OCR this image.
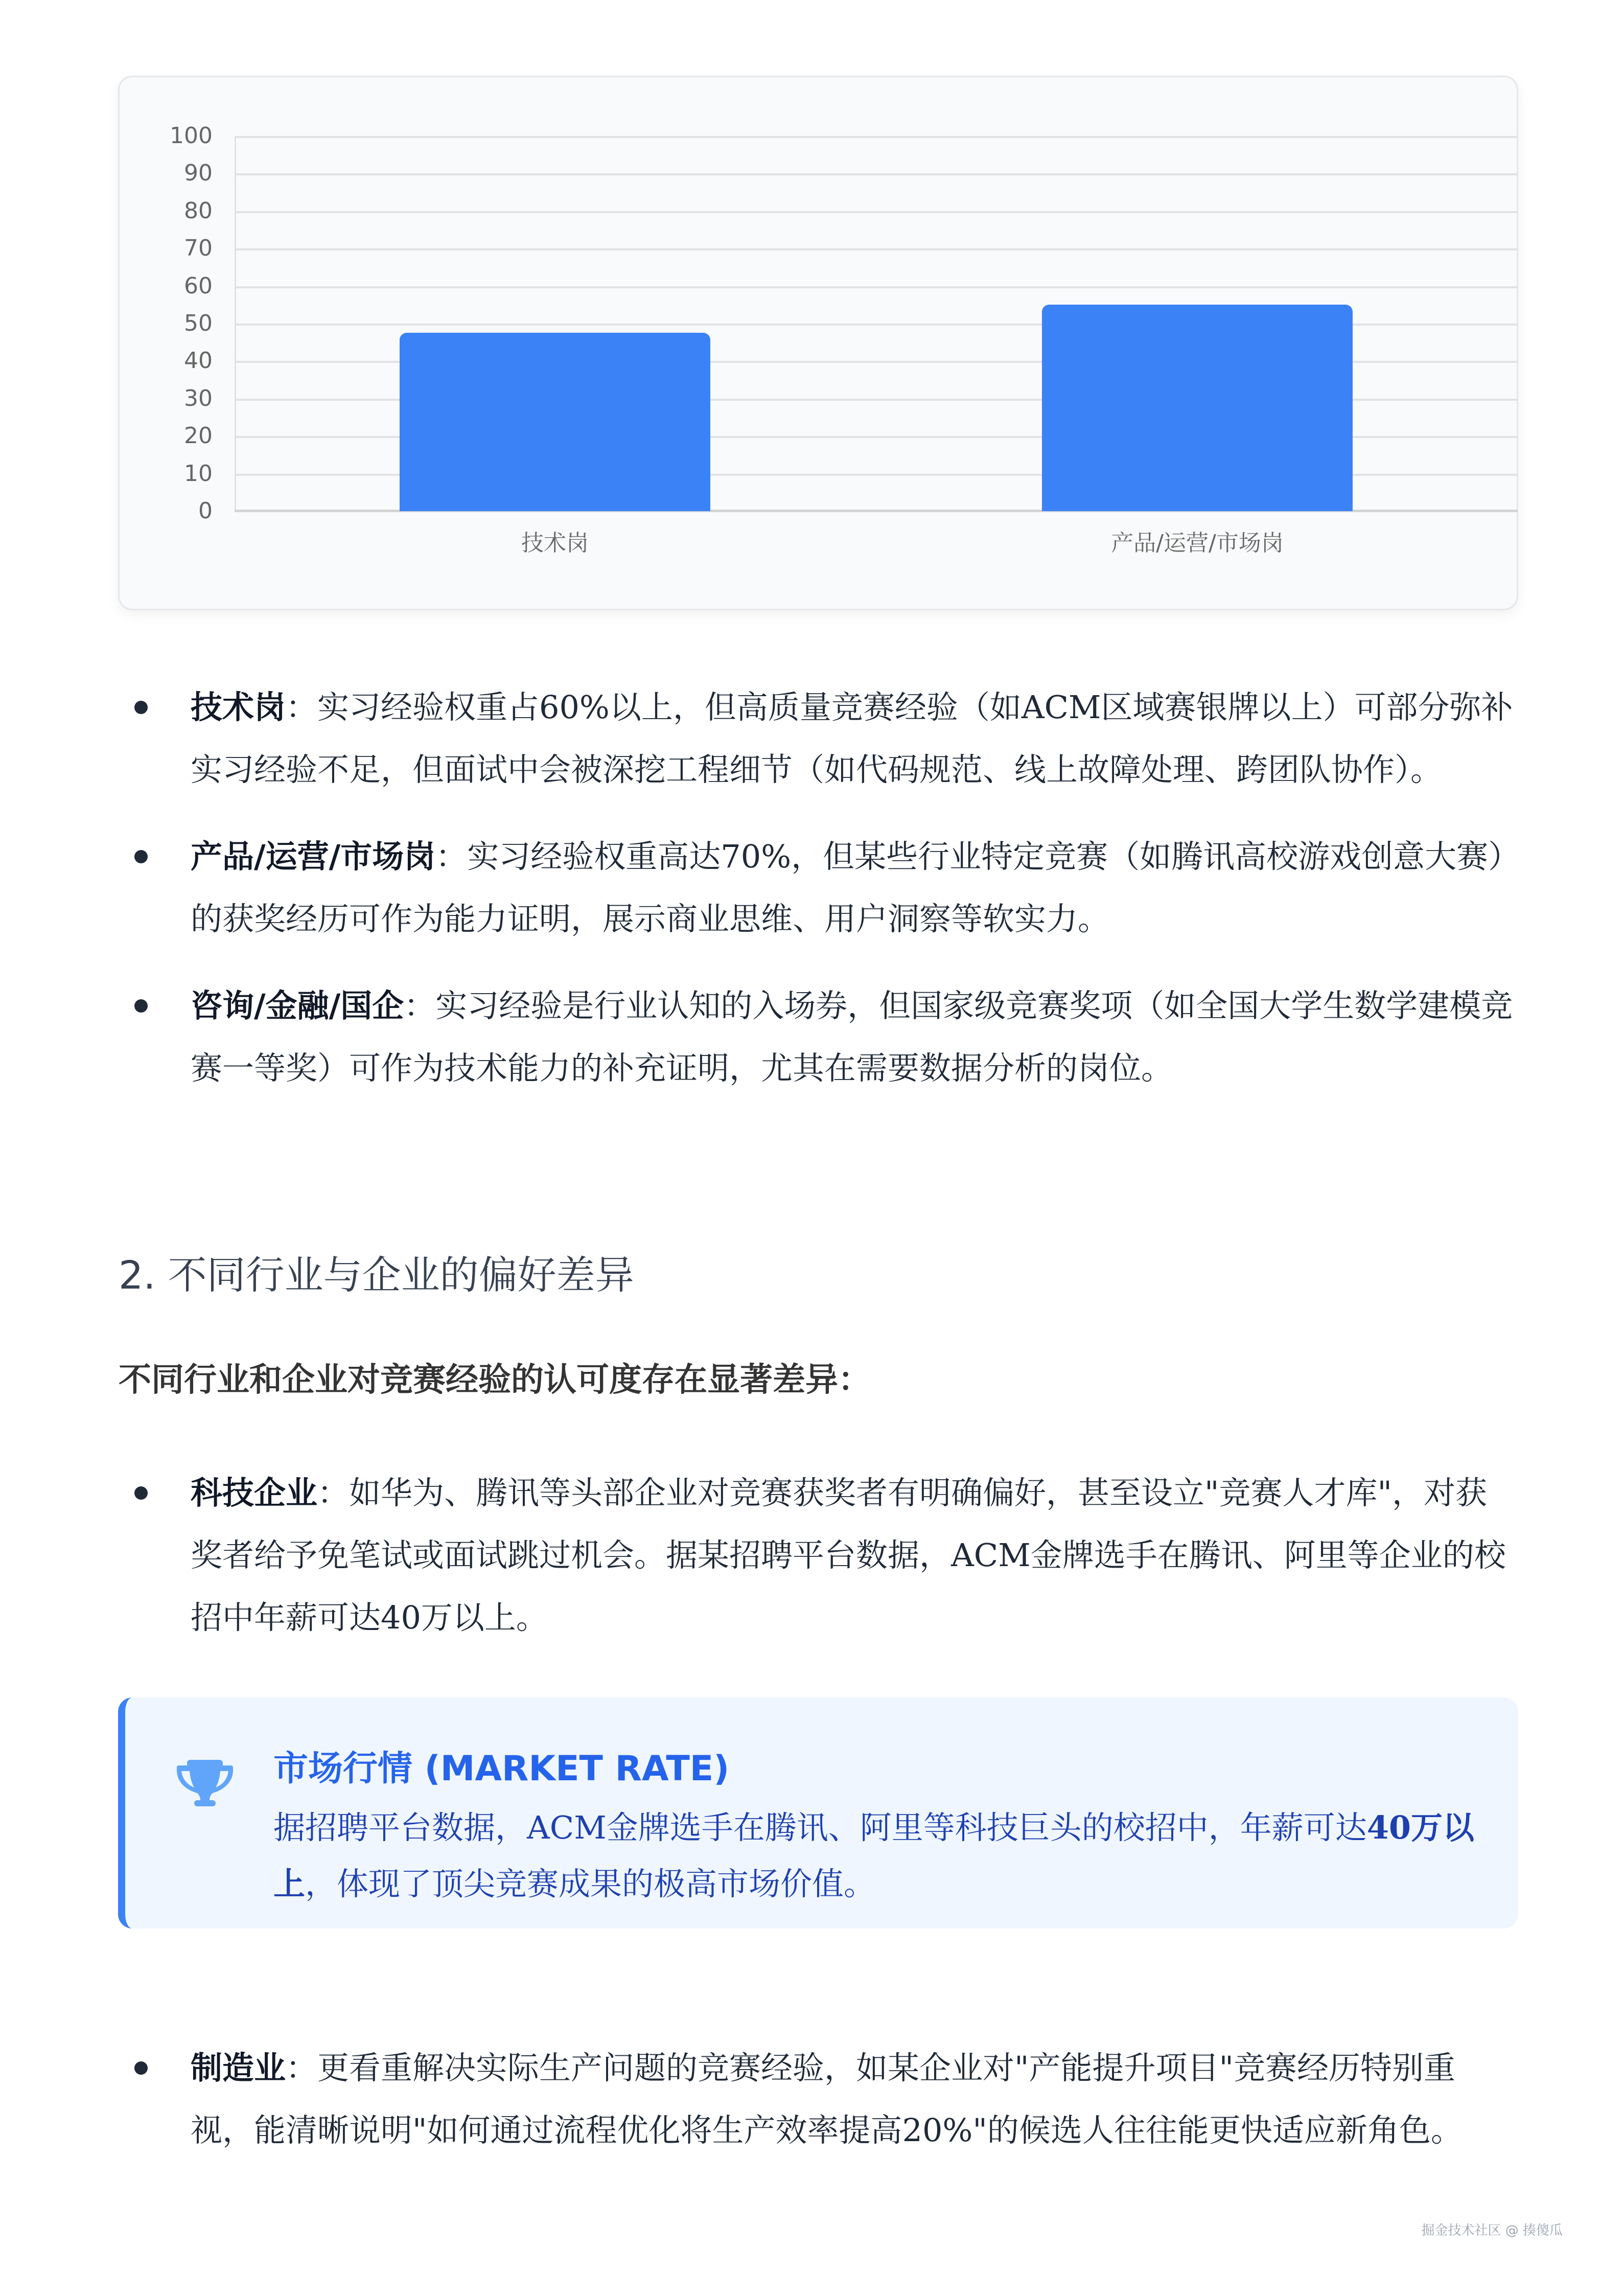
100
90
80
70
60
50
40
30
20
10
0
技术岗	产品/运营/市场岗
技术岗：实习经验权重占60%以上，但高质量竞赛经验（如ACM区域赛银牌以上）可部分弥补实习经验不足，但面试中会被深挖工程细节（如代码规范、线上故障处理、跨团队协作）。
产品/运营/市场岗：实习经验权重高达70%，但某些行业特定竞赛（如腾讯高校游戏创意大赛）的获奖经历可作为能力证明，展示商业思维、用户洞察等软实力。
咨询/金融/国企：实习经验是行业认知的入场券，但国家级竞赛奖项（如全国大学生数学建模竞赛一等奖）可作为技术能力的补充证明，尤其在需要数据分析的岗位。
2. 不同行业与企业的偏好差异

不同行业和企业对竞赛经验的认可度存在显著差异：

科技企业：如华为、腾讯等头部企业对竞赛获奖者有明确偏好，甚至设立"竞赛人才库"，对获奖者给予免笔试或面试跳过机会。据某招聘平台数据，ACM金牌选手在腾讯、阿里等企业的校招中年薪可达40万以上。
市场行情 (MARKET RATE)
据招聘平台数据，ACM金牌选手在腾讯、阿里等科技巨头的校招中，年薪可达40万以上，体现了顶尖竞赛成果的极高市场价值。
制造业：更看重解决实际生产问题的竞赛经验，如某企业对"产能提升项目"竞赛经历特别重视，能清晰说明"如何通过流程优化将生产效率提高20%"的候选人往往能更快适应新角色。
掘金技术社区 @ 揍傻瓜
